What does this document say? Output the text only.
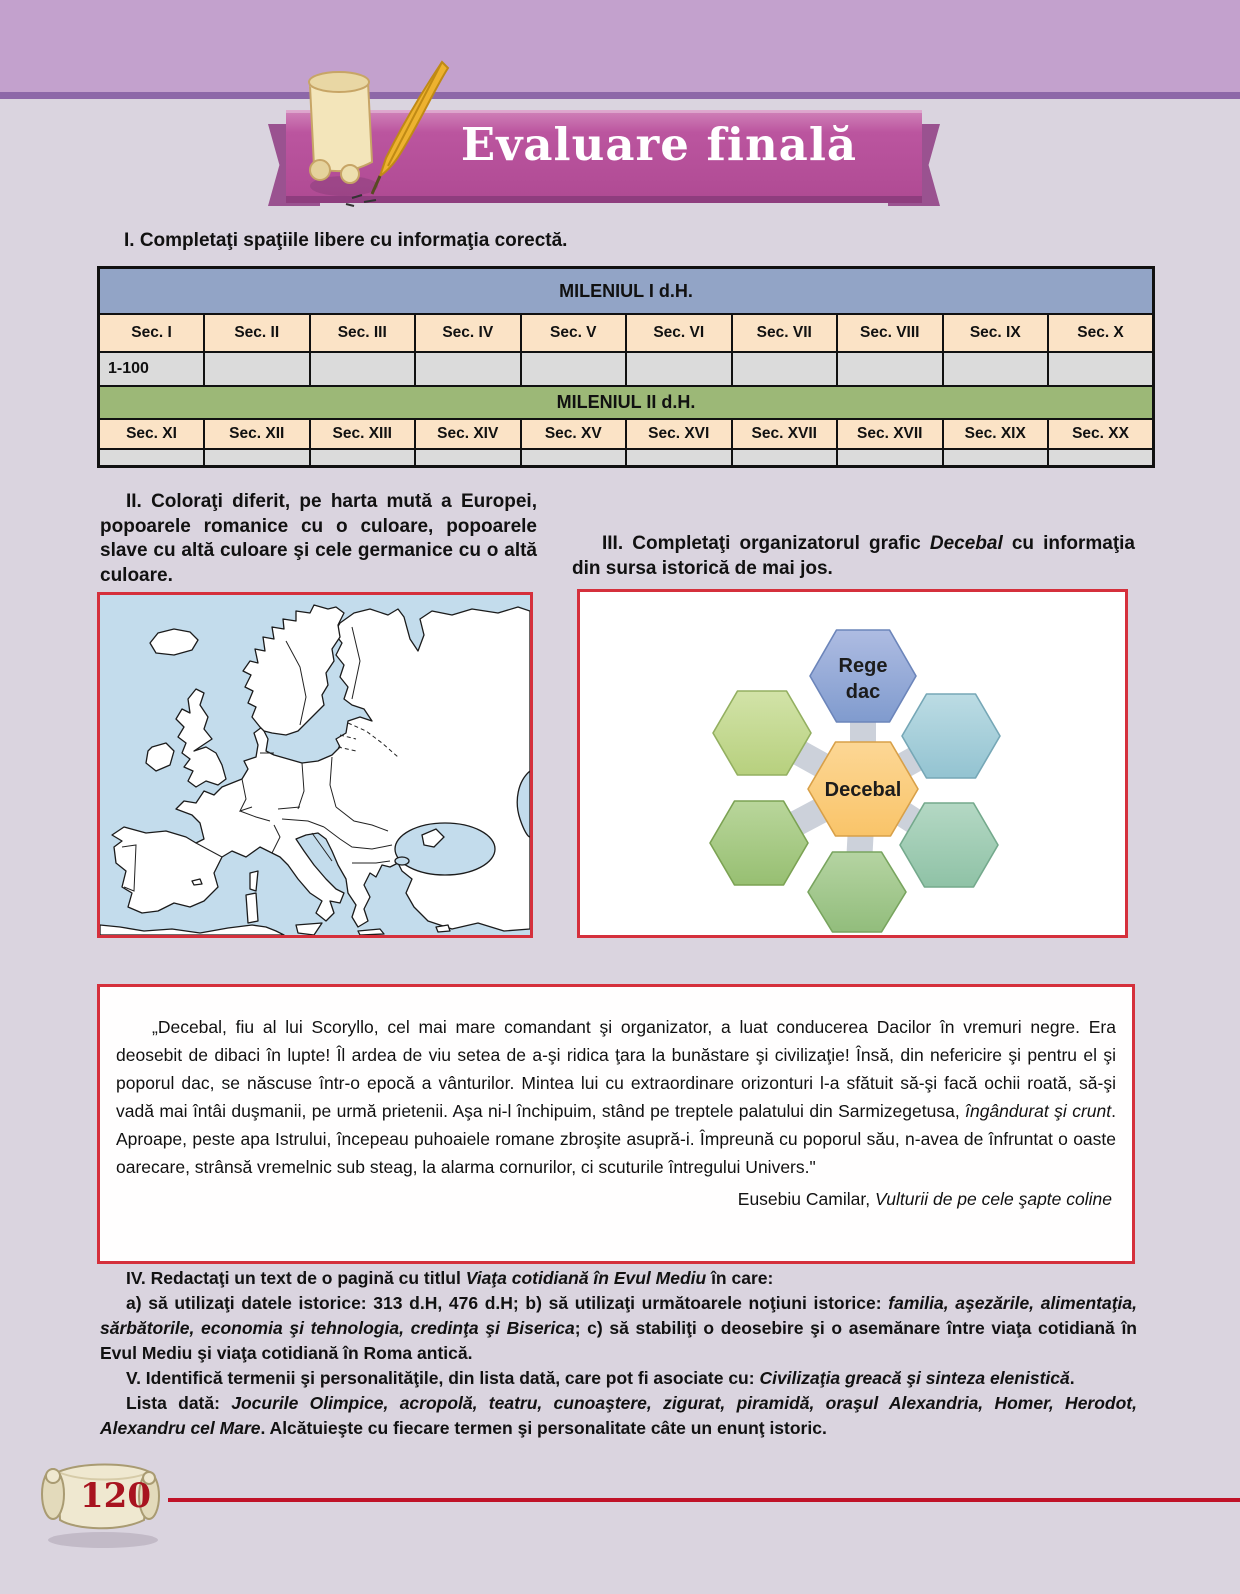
Evaluare finală
I. Completaţi spaţiile libere cu informaţia corectă.
MILENIUL I d.H.									
Sec. I	Sec. II	Sec. III	Sec. IV	Sec. V	Sec. VI	Sec. VII	Sec. VIII	Sec. IX	Sec. X
1-100									
MILENIUL II d.H.									
Sec. XI	Sec. XII	Sec. XIII	Sec. XIV	Sec. XV	Sec. XVI	Sec. XVII	Sec. XVII	Sec. XIX	Sec. XX

II. Coloraţi diferit, pe harta mută a Europei, popoarele romanice cu o culoare, popoarele slave cu altă culoare şi cele germanice cu o altă culoare.
III. Completaţi organizatorul grafic Decebal cu informaţia din sursa istorică de mai jos.
Rege
dac
Decebal

„Decebal, fiu al lui Scoryllo, cel mai mare comandant şi organizator, a luat conducerea Dacilor în vremuri negre. Era deosebit de dibaci în lupte! Îl ardea de viu setea de a-şi ridica ţara la bunăstare şi civilizaţie! Însă, din nefericire şi pentru el şi poporul dac, se născuse într-o epocă a vânturilor. Mintea lui cu extraordinare orizonturi l-a sfătuit să-şi facă ochii roată, să-şi vadă mai întâi duşmanii, pe urmă prietenii. Aşa ni-l închipuim, stând pe treptele palatului din Sarmizegetusa, îngândurat şi crunt. Aproape, peste apa Istrului, începeau puhoaiele romane zbroşite asupră-i. Împreună cu poporul său, n-avea de înfruntat o oaste oarecare, strânsă vremelnic sub steag, la alarma cornurilor, ci scuturile întregului Univers."

Eusebiu Camilar, Vulturii de pe cele şapte coline

IV. Redactaţi un text de o pagină cu titlul Viaţa cotidiană în Evul Mediu în care:

a) să utilizaţi datele istorice: 313 d.H, 476 d.H; b) să utilizaţi următoarele noţiuni istorice: familia, aşezările, alimentaţia, sărbătorile, economia şi tehnologia, credinţa şi Biserica; c) să stabiliţi o deosebire şi o asemănare între viaţa cotidiană în Evul Mediu şi viaţa cotidiană în Roma antică.

V. Identifică termenii şi personalităţile, din lista dată, care pot fi asociate cu: Civilizaţia greacă şi sinteza elenistică.

Lista dată: Jocurile Olimpice, acropolă, teatru, cunoaştere, zigurat, piramidă, oraşul Alexandria, Homer, Herodot, Alexandru cel Mare. Alcătuieşte cu fiecare termen şi personalitate câte un enunţ istoric.

120
